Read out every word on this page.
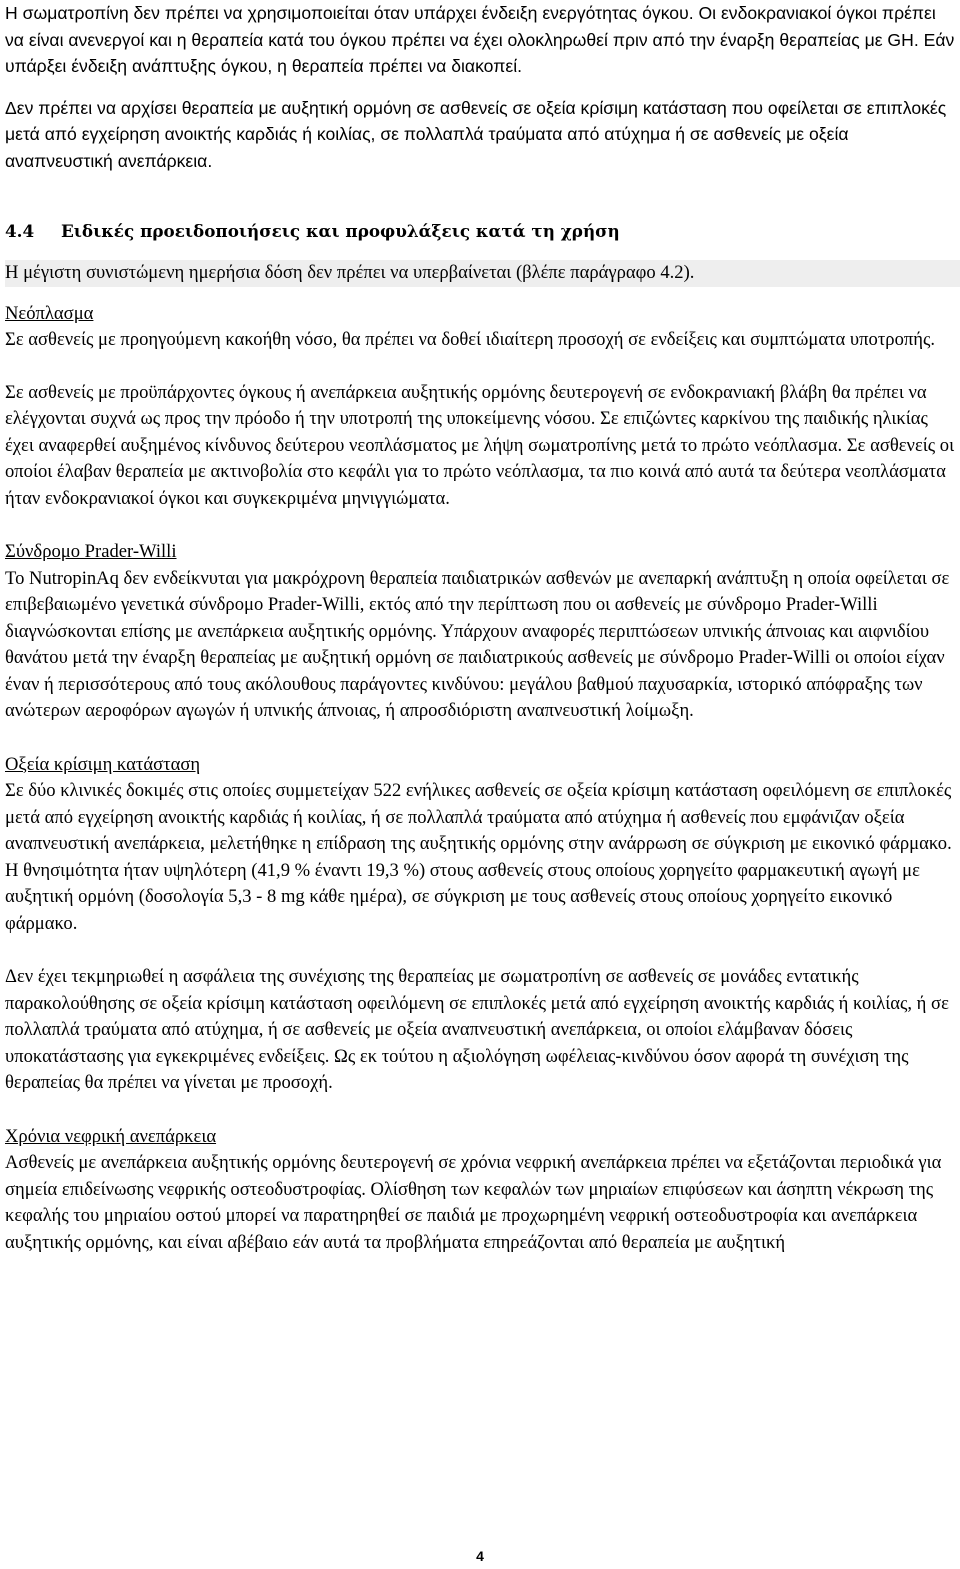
Η σωματροπίνη δεν πρέπει να χρησιμοποιείται όταν υπάρχει ένδειξη ενεργότητας όγκου. Οι ενδοκρανιακοί όγκοι πρέπει να είναι ανενεργοί και η θεραπεία κατά του όγκου πρέπει να έχει ολοκληρωθεί πριν από την έναρξη θεραπείας με GH. Εάν υπάρξει ένδειξη ανάπτυξης όγκου, η θεραπεία πρέπει να διακοπεί.

Δεν πρέπει να αρχίσει θεραπεία με αυξητική ορμόνη σε ασθενείς σε οξεία κρίσιμη κατάσταση που οφείλεται σε επιπλοκές μετά από εγχείρηση ανοικτής καρδιάς ή κοιλίας, σε πολλαπλά τραύματα από ατύχημα ή σε ασθενείς με οξεία αναπνευστική ανεπάρκεια.

4.4	Ειδικές προειδοποιήσεις και προφυλάξεις κατά τη χρήση

Η μέγιστη συνιστώμενη ημερήσια δόση δεν πρέπει να υπερβαίνεται (βλέπε παράγραφο 4.2).

Νεόπλασμα
Σε ασθενείς με προηγούμενη κακοήθη νόσο, θα πρέπει να δοθεί ιδιαίτερη προσοχή σε ενδείξεις και συμπτώματα υποτροπής.

Σε ασθενείς με προϋπάρχοντες όγκους ή ανεπάρκεια αυξητικής ορμόνης δευτερογενή σε ενδοκρανιακή βλάβη θα πρέπει να ελέγχονται συχνά ως προς την πρόοδο ή την υποτροπή της υποκείμενης νόσου. Σε επιζώντες καρκίνου της παιδικής ηλικίας έχει αναφερθεί αυξημένος κίνδυνος δεύτερου νεοπλάσματος με λήψη σωματροπίνης μετά το πρώτο νεόπλασμα. Σε ασθενείς οι οποίοι έλαβαν θεραπεία με ακτινοβολία στο κεφάλι για το πρώτο νεόπλασμα, τα πιο κοινά από αυτά τα δεύτερα νεοπλάσματα ήταν ενδοκρανιακοί όγκοι και συγκεκριμένα μηνιγγιώματα.

Σύνδρομο Prader-Willi
Το NutropinAq δεν ενδείκνυται για μακρόχρονη θεραπεία παιδιατρικών ασθενών με ανεπαρκή ανάπτυξη η οποία οφείλεται σε επιβεβαιωμένο γενετικά σύνδρομο Prader-Willi, εκτός από την περίπτωση που οι ασθενείς με σύνδρομο Prader-Willi διαγνώσκονται επίσης με ανεπάρκεια αυξητικής ορμόνης. Υπάρχουν αναφορές περιπτώσεων υπνικής άπνοιας και αιφνιδίου θανάτου μετά την έναρξη θεραπείας με αυξητική ορμόνη σε παιδιατρικούς ασθενείς με σύνδρομο Prader-Willi οι οποίοι είχαν έναν ή περισσότερους από τους ακόλουθους παράγοντες κινδύνου: μεγάλου βαθμού παχυσαρκία, ιστορικό απόφραξης των ανώτερων αεροφόρων αγωγών ή υπνικής άπνοιας, ή απροσδιόριστη αναπνευστική λοίμωξη.

Οξεία κρίσιμη κατάσταση
Σε δύο κλινικές δοκιμές στις οποίες συμμετείχαν 522 ενήλικες ασθενείς σε οξεία κρίσιμη κατάσταση οφειλόμενη σε επιπλοκές μετά από εγχείρηση ανοικτής καρδιάς ή κοιλίας, ή σε πολλαπλά τραύματα από ατύχημα ή ασθενείς που εμφάνιζαν οξεία αναπνευστική ανεπάρκεια, μελετήθηκε η επίδραση της αυξητικής ορμόνης στην ανάρρωση σε σύγκριση με εικονικό φάρμακο. Η θνησιμότητα ήταν υψηλότερη (41,9 % έναντι 19,3 %) στους ασθενείς στους οποίους χορηγείτο φαρμακευτική αγωγή με αυξητική ορμόνη (δοσολογία 5,3 - 8 mg κάθε ημέρα), σε σύγκριση με τους ασθενείς στους οποίους χορηγείτο εικονικό φάρμακο.

Δεν έχει τεκμηριωθεί η ασφάλεια της συνέχισης της θεραπείας με σωματροπίνη σε ασθενείς σε μονάδες εντατικής παρακολούθησης σε οξεία κρίσιμη κατάσταση οφειλόμενη σε επιπλοκές μετά από εγχείρηση ανοικτής καρδιάς ή κοιλίας, ή σε πολλαπλά τραύματα από ατύχημα, ή σε ασθενείς με οξεία αναπνευστική ανεπάρκεια, οι οποίοι ελάμβαναν δόσεις υποκατάστασης για εγκεκριμένες ενδείξεις. Ως εκ τούτου η αξιολόγηση ωφέλειας-κινδύνου όσον αφορά τη συνέχιση της θεραπείας θα πρέπει να γίνεται με προσοχή.

Χρόνια νεφρική ανεπάρκεια
Ασθενείς με ανεπάρκεια αυξητικής ορμόνης δευτερογενή σε χρόνια νεφρική ανεπάρκεια πρέπει να εξετάζονται περιοδικά για σημεία επιδείνωσης νεφρικής οστεοδυστροφίας. Ολίσθηση των κεφαλών των μηριαίων επιφύσεων και άσηπτη νέκρωση της κεφαλής του μηριαίου οστού μπορεί να παρατηρηθεί σε παιδιά με προχωρημένη νεφρική οστεοδυστροφία και ανεπάρκεια αυξητικής ορμόνης, και είναι αβέβαιο εάν αυτά τα προβλήματα επηρεάζονται από θεραπεία με αυξητική

4
